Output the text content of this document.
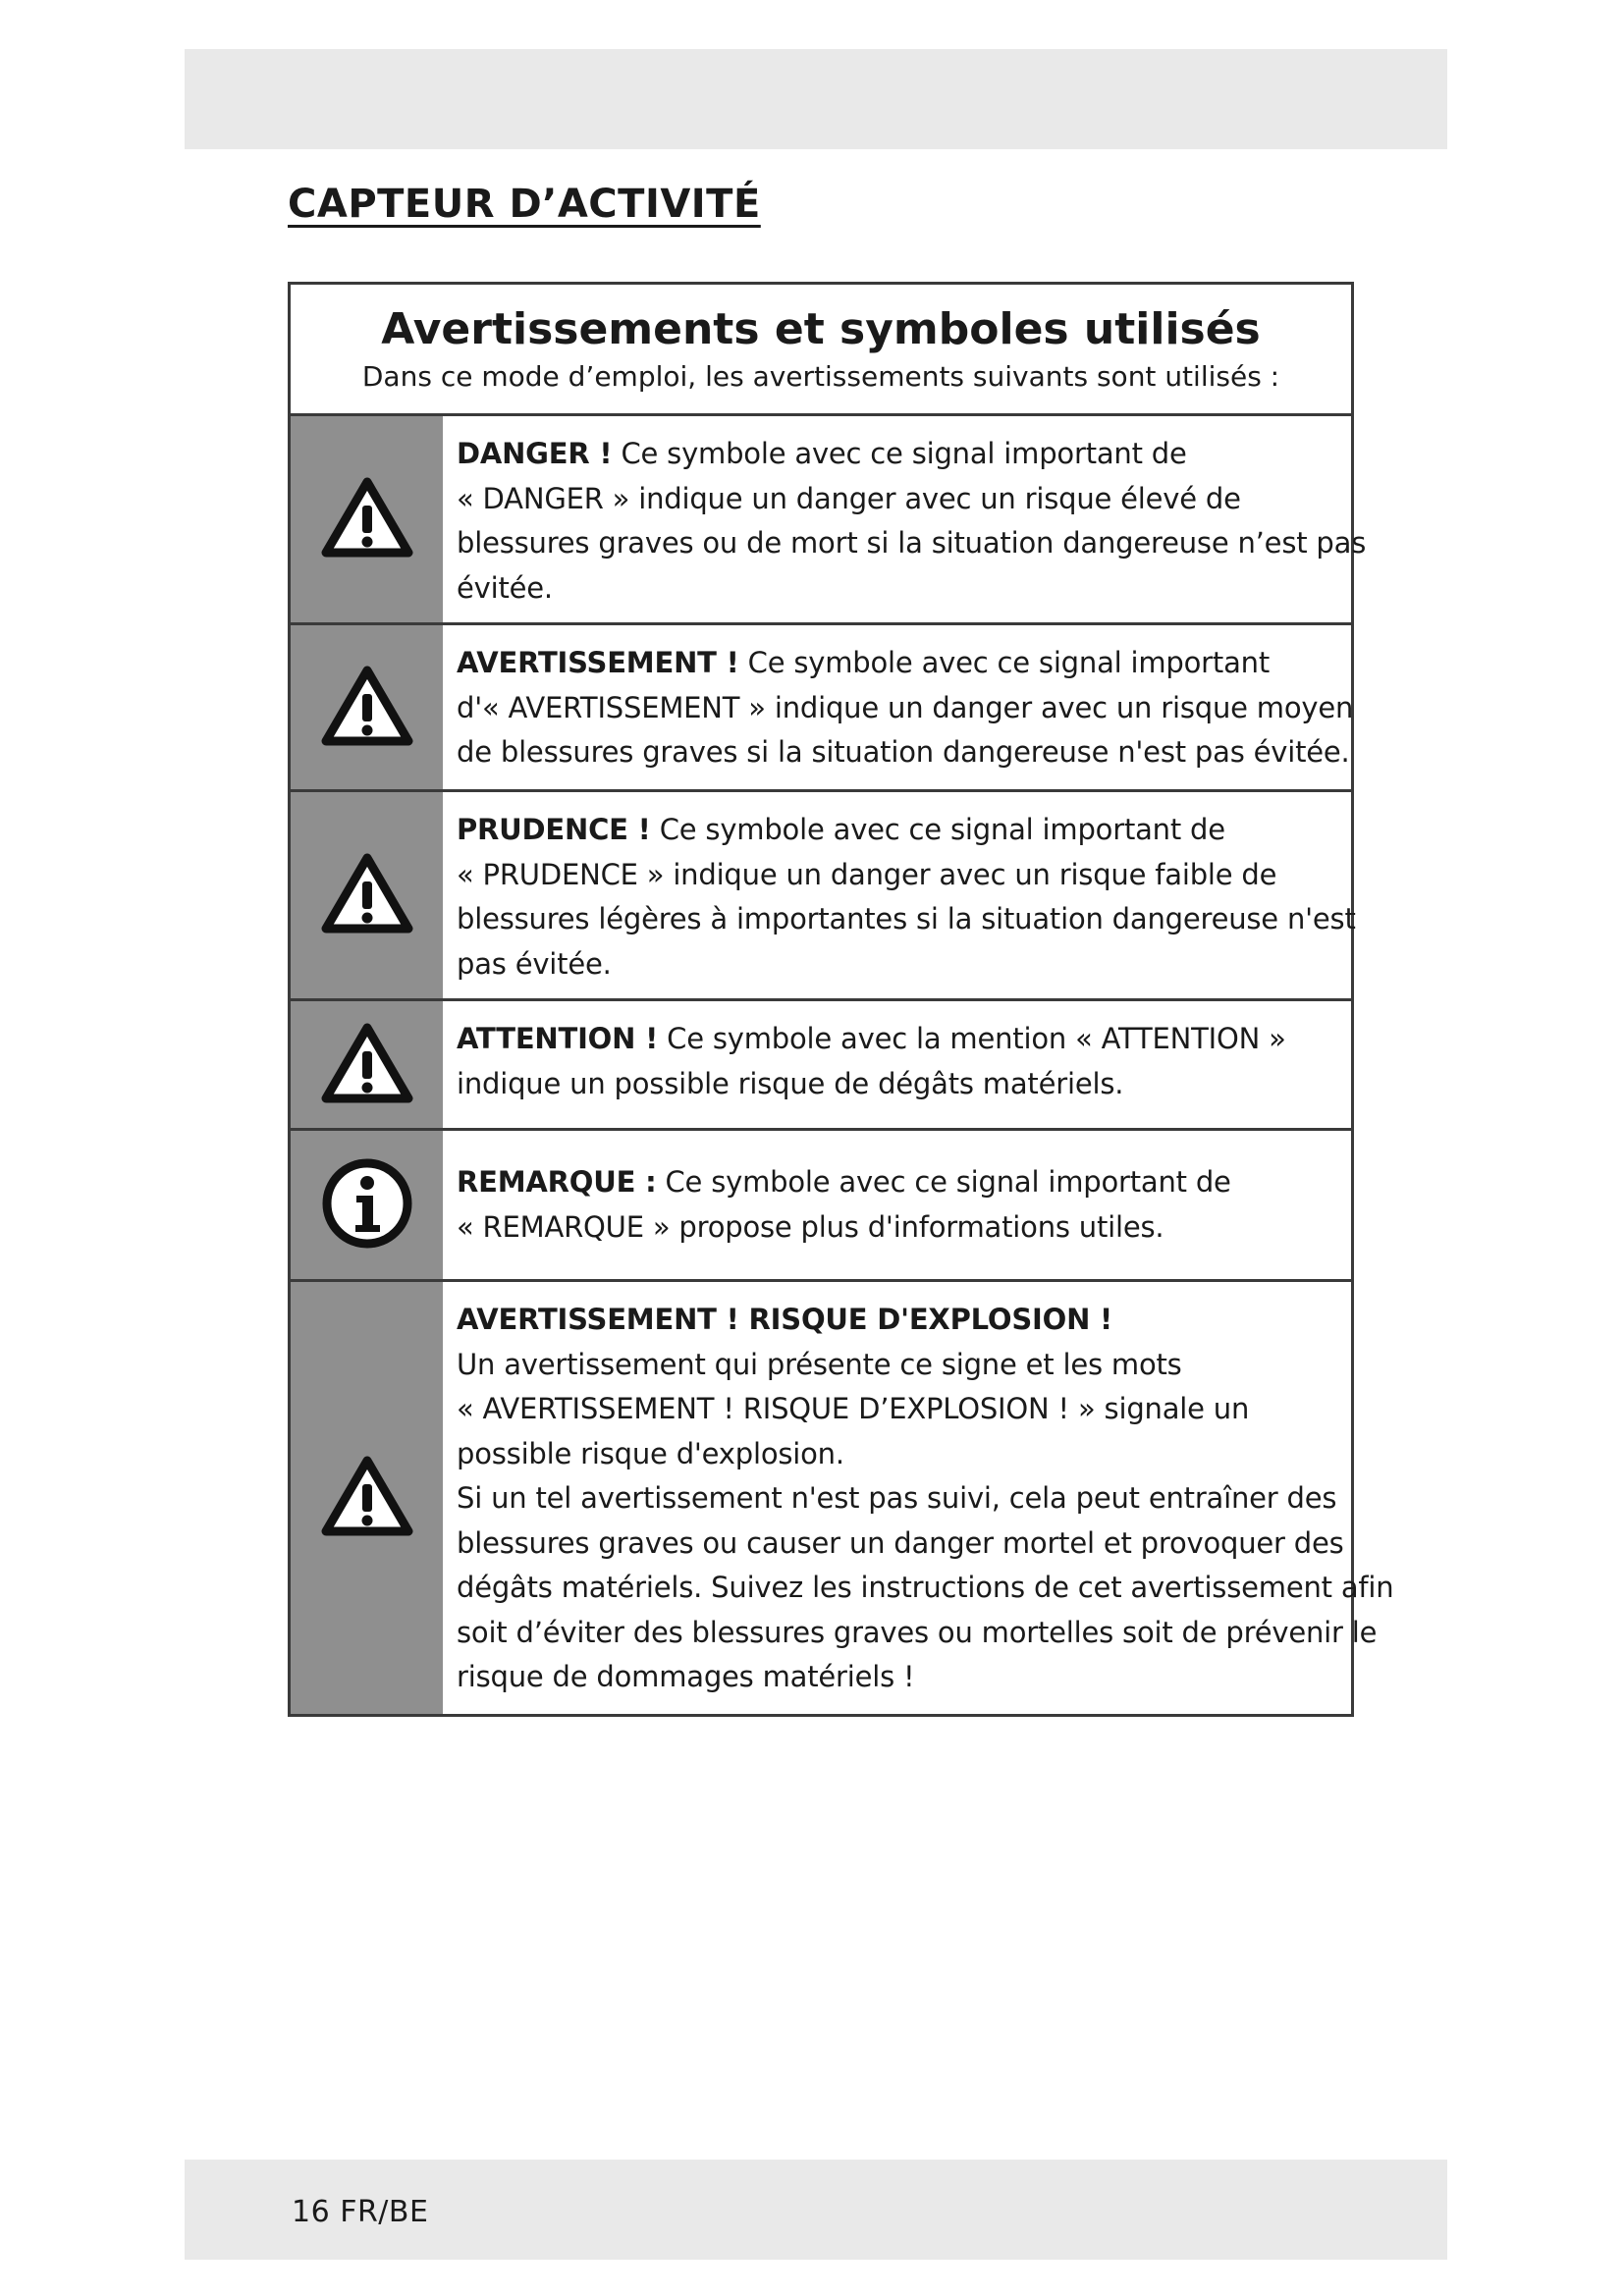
CAPTEUR D’ACTIVITÉ
Avertissements et symboles utilisés
Dans ce mode d’emploi, les avertissements suivants sont utilisés :
DANGER ! Ce symbole avec ce signal important de
« DANGER » indique un danger avec un risque élevé de
blessures graves ou de mort si la situation dangereuse n’est pas
évitée.
AVERTISSEMENT ! Ce symbole avec ce signal important
d'« AVERTISSEMENT » indique un danger avec un risque moyen
de blessures graves si la situation dangereuse n'est pas évitée.
PRUDENCE ! Ce symbole avec ce signal important de
« PRUDENCE » indique un danger avec un risque faible de
blessures légères à importantes si la situation dangereuse n'est
pas évitée.
ATTENTION ! Ce symbole avec la mention « ATTENTION »
indique un possible risque de dégâts matériels.
REMARQUE : Ce symbole avec ce signal important de
« REMARQUE » propose plus d'informations utiles.
AVERTISSEMENT ! RISQUE D'EXPLOSION !
Un avertissement qui présente ce signe et les mots
« AVERTISSEMENT ! RISQUE D’EXPLOSION ! » signale un
possible risque d'explosion.
Si un tel avertissement n'est pas suivi, cela peut entraîner des
blessures graves ou causer un danger mortel et provoquer des
dégâts matériels. Suivez les instructions de cet avertissement afin
soit d’éviter des blessures graves ou mortelles soit de prévenir le
risque de dommages matériels !
16 FR/BE
